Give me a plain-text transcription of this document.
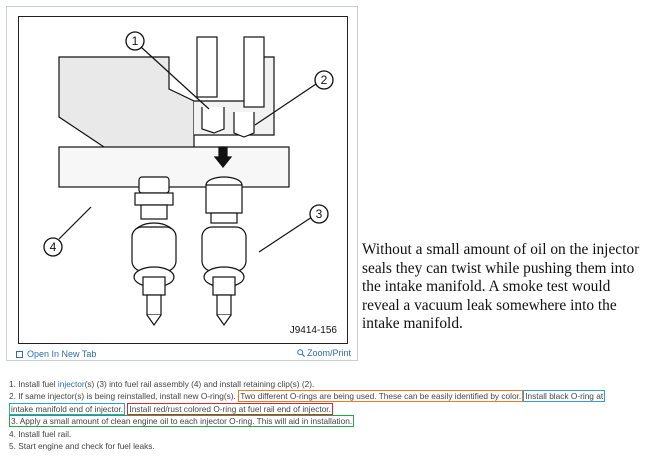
1
2
3
4
J9414-156
Open In New Tab	Zoom/Print
Without a small amount of oil on the injector seals they can twist while pushing them into the intake manifold. A smoke test would reveal a vacuum leak somewhere into the intake manifold.
1. Install fuel injector(s) (3) into fuel rail assembly (4) and install retaining clip(s) (2).
2. If same injector(s) is being reinstalled, install new O-ring(s). Two different O-rings are being used. These can be easily identified by color. Install black O-ring at
intake manifold end of injector. Install red/rust colored O-ring at fuel rail end of injector.
3. Apply a small amount of clean engine oil to each injector O-ring. This will aid in installation.
4. Install fuel rail.
5. Start engine and check for fuel leaks.
